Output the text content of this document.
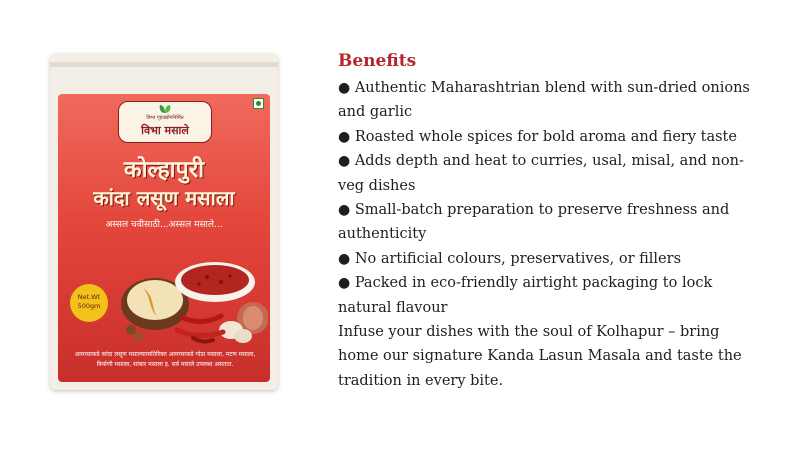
विभा गृहउद्योगनिर्मित
विभा मसाले
कोल्हापुरी
कांदा लसूण मसाला
अस्सल चवीसाठी...अस्सल मसाले...
Net.Wt
500gm
आमच्याकडे कांदा लसूण मसाल्याव्यतिरिक्त आमच्याकडे गोडा मसाला, मटण मसाला, बिर्याणी मसाला, सांबार मसाला इ. सर्व मसाले उपलब्ध असतात.
Benefits

● Authentic Maharashtrian blend with sun-dried onions and garlic

● Roasted whole spices for bold aroma and fiery taste

● Adds depth and heat to curries, usal, misal, and non-veg dishes

● Small-batch preparation to preserve freshness and authenticity

● No artificial colours, preservatives, or fillers

● Packed in eco-friendly airtight packaging to lock natural flavour

Infuse your dishes with the soul of Kolhapur – bring home our signature Kanda Lasun Masala and taste the tradition in every bite.
